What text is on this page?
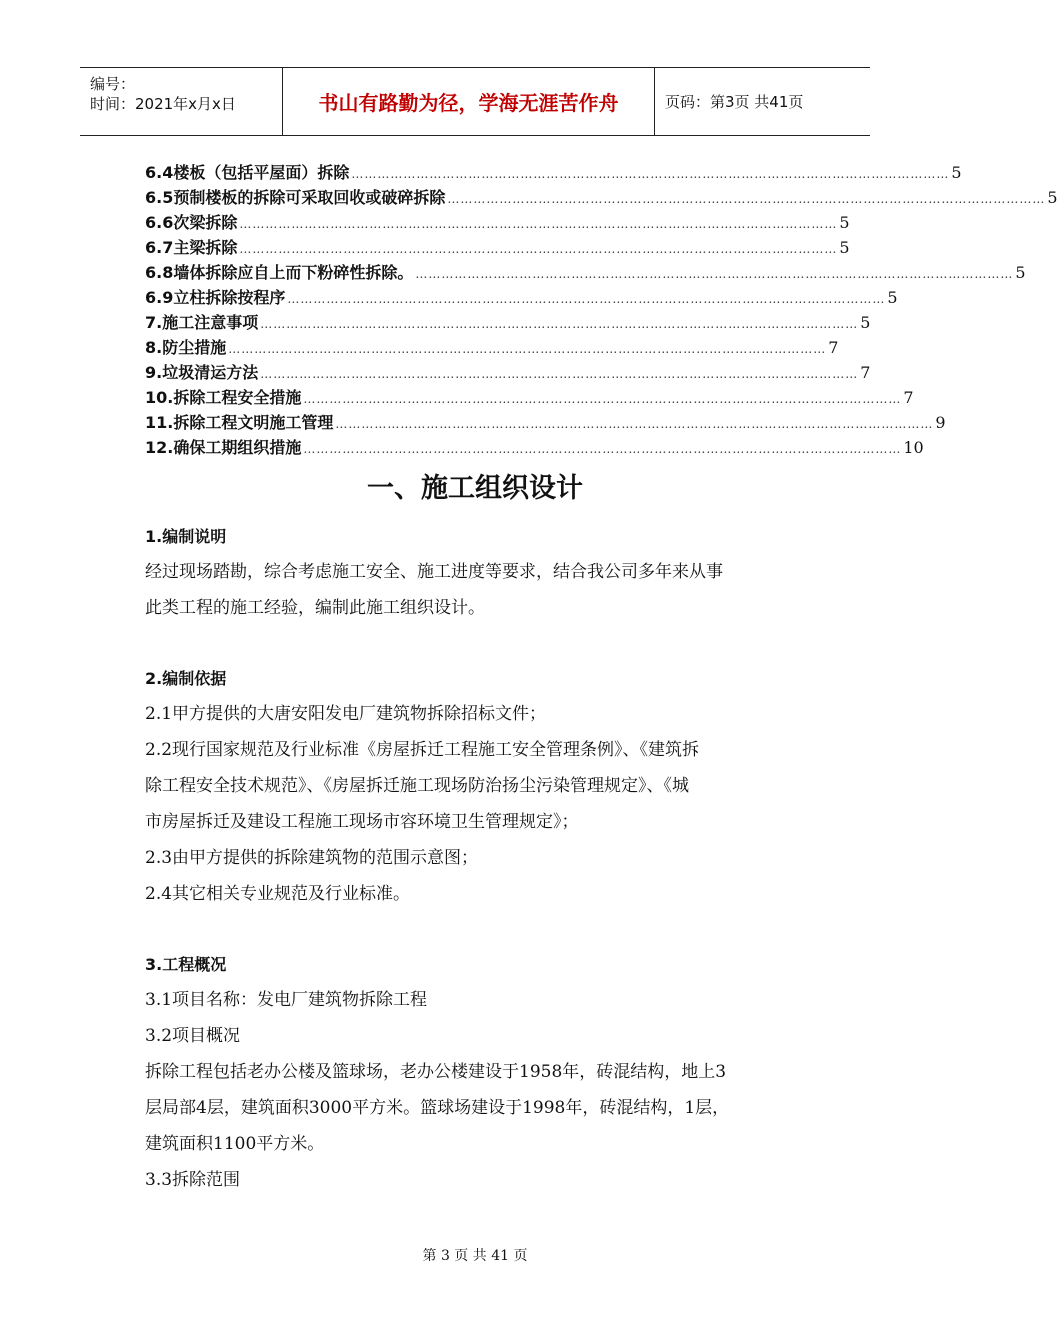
编号：
时间：2021年x月x日	书山有路勤为径，学海无涯苦作舟	页码：第3页 共41页
6.4楼板（包括平屋面）拆除 ………………………………………………………………………………………………………………………… 5
6.5预制楼板的拆除可采取回收或破碎拆除 ………………………………………………………………………………………………………………………… 5
6.6次梁拆除 ………………………………………………………………………………………………………………………… 5
6.7主梁拆除 ………………………………………………………………………………………………………………………… 5
6.8墙体拆除应自上而下粉碎性拆除。 ………………………………………………………………………………………………………………………… 5
6.9立柱拆除按程序 ………………………………………………………………………………………………………………………… 5
7.施工注意事项 ………………………………………………………………………………………………………………………… 5
8.防尘措施 ………………………………………………………………………………………………………………………… 7
9.垃圾清运方法 ………………………………………………………………………………………………………………………… 7
10.拆除工程安全措施 ………………………………………………………………………………………………………………………… 7
11.拆除工程文明施工管理 ………………………………………………………………………………………………………………………… 9
12.确保工期组织措施 ………………………………………………………………………………………………………………………… 10
一、施工组织设计
1.编制说明
经过现场踏勘，综合考虑施工安全、施工进度等要求，结合我公司多年来从事
此类工程的施工经验，编制此施工组织设计。
2.编制依据
2.1甲方提供的大唐安阳发电厂建筑物拆除招标文件；
2.2现行国家规范及行业标准《房屋拆迁工程施工安全管理条例》、《建筑拆
除工程安全技术规范》、《房屋拆迁施工现场防治扬尘污染管理规定》、《城
市房屋拆迁及建设工程施工现场市容环境卫生管理规定》；
2.3由甲方提供的拆除建筑物的范围示意图；
2.4其它相关专业规范及行业标准。
3.工程概况
3.1项目名称：发电厂建筑物拆除工程
3.2项目概况
拆除工程包括老办公楼及篮球场，老办公楼建设于1958年，砖混结构，地上3
层局部4层，建筑面积3000平方米。篮球场建设于1998年，砖混结构，1层，
建筑面积1100平方米。
3.3拆除范围
第 3 页 共 41 页
